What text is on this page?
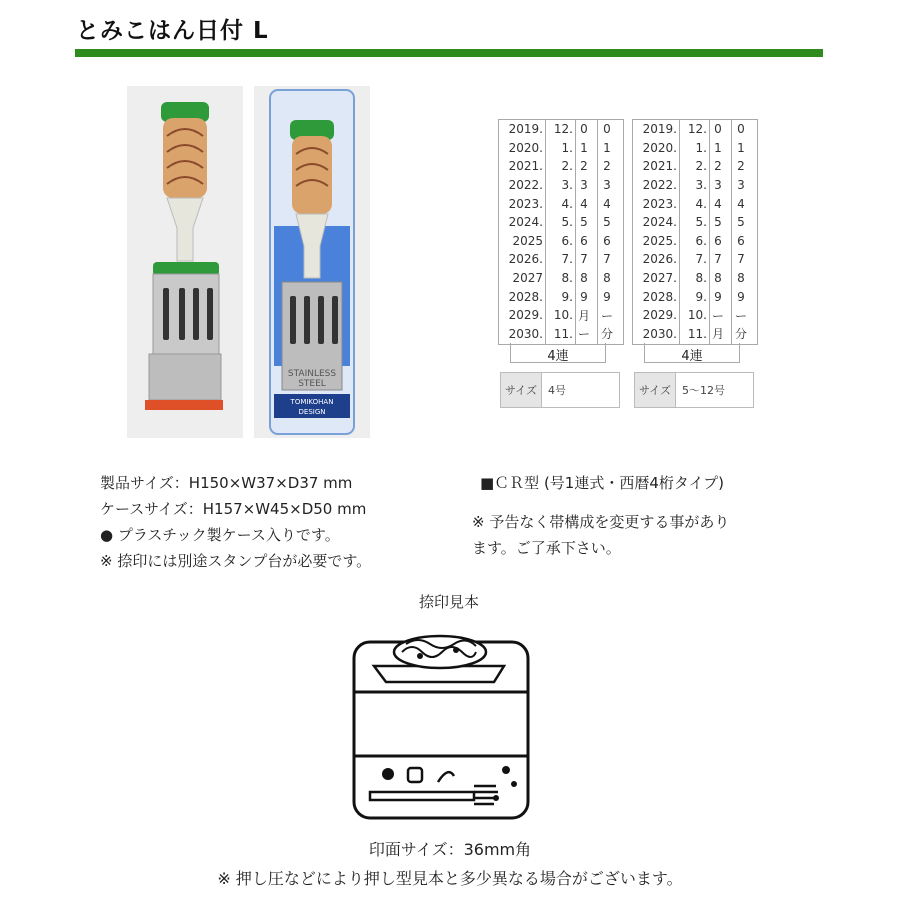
とみこはん日付 L
STAINLESS
STEEL
TOMIKOHAN
DESIGN
2019. 12. 0	0
2020.	1. 1	1
2021.	2. 2	2
2022.	3. 3	3
2023.	4. 4	4
2024.	5. 5	5
2025	6. 6	6
2026.	7. 7	7
2027	8. 8	8
2028.	9. 9	9
2029. 10. 月 ー
2030. 11. ー 分
4連
サイズ 4号
2019. 12. 0	0
2020.	1. 1	1
2021.	2. 2	2
2022.	3. 3	3
2023.	4. 4	4
2024.	5. 5	5
2025.	6. 6	6
2026.	7. 7	7
2027.	8. 8	8
2028.	9. 9	9
2029. 10. ー ー
2030. 11. 月 分
4連
サイズ 5〜12号
製品サイズ：H150×W37×D37 mm
ケースサイズ：H157×W45×D50 mm
● プラスチック製ケース入りです。
※ 捺印には別途スタンプ台が必要です。
■ＣＲ型 (号1連式・西暦4桁タイプ)
※ 予告なく帯構成を変更する事があり
ます。ご了承下さい。
捺印見本
印面サイズ：36mm角
※ 押し圧などにより押し型見本と多少異なる場合がございます。
